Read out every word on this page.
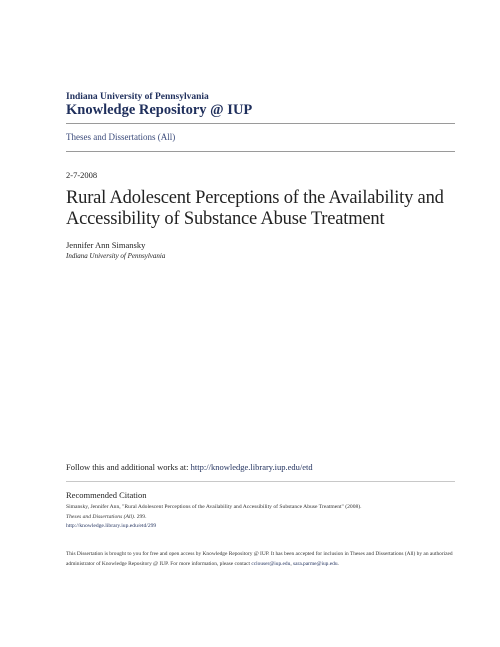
Indiana University of Pennsylvania
Knowledge Repository @ IUP
Theses and Dissertations (All)
2-7-2008
Rural Adolescent Perceptions of the Availability and Accessibility of Substance Abuse Treatment
Jennifer Ann Simansky
Indiana University of Pennsylvania
Follow this and additional works at: http://knowledge.library.iup.edu/etd
Recommended Citation
Simansky, Jennifer Ann, "Rural Adolescent Perceptions of the Availability and Accessibility of Substance Abuse Treatment" (2008).
Theses and Dissertations (All). 299.
http://knowledge.library.iup.edu/etd/299
This Dissertation is brought to you for free and open access by Knowledge Repository @ IUP. It has been accepted for inclusion in Theses and Dissertations (All) by an authorized administrator of Knowledge Repository @ IUP. For more information, please contact cclouser@iup.edu, sara.parme@iup.edu.
